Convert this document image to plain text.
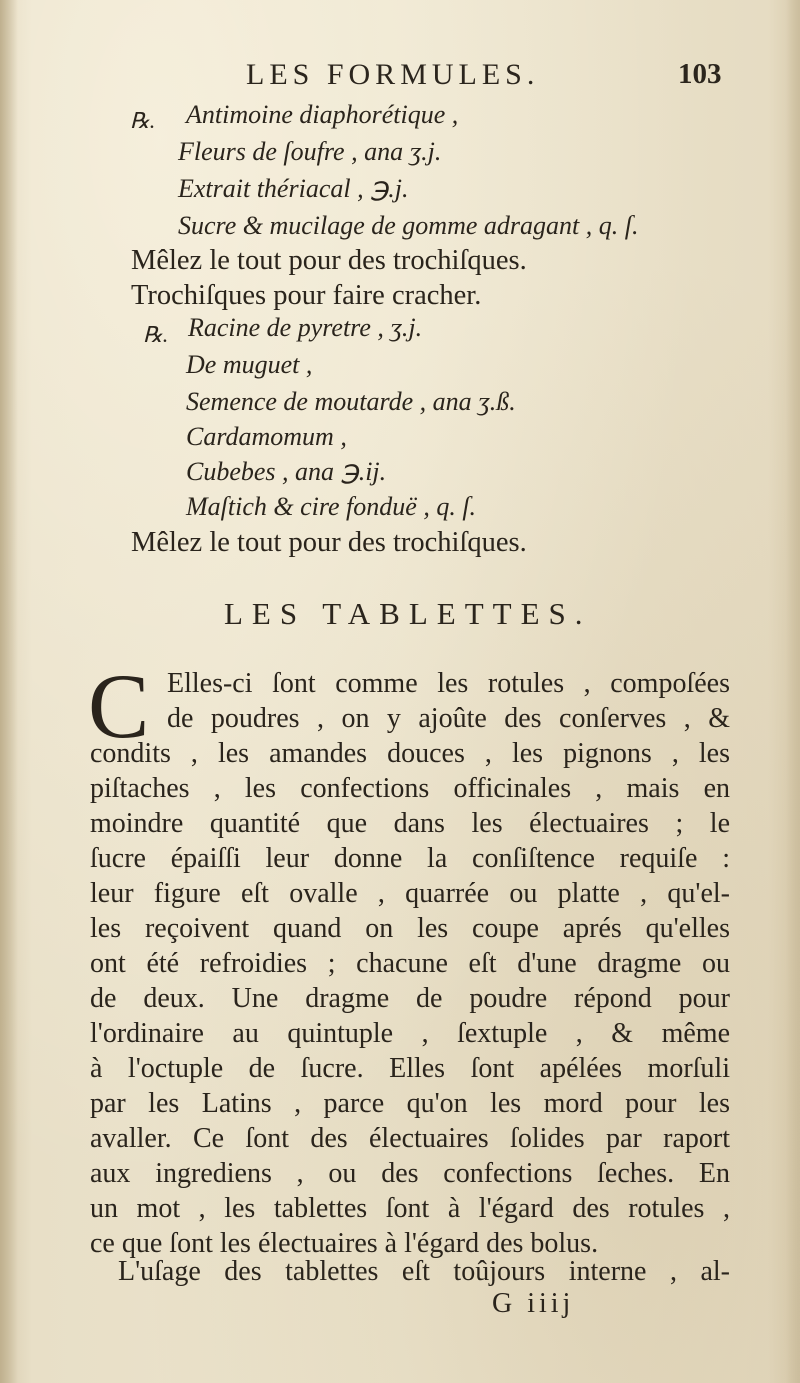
LES FORMULES.	103
℞. Antimoine diaphorétique ,
Fleurs de ſoufre , ana ʒ.j.
Extrait thériacal , ℈.j.
Sucre & mucilage de gomme adragant , q. ſ.
Mêlez le tout pour des trochiſques.
Trochiſques pour faire cracher.
℞. Racine de pyretre , ʒ.j.
De muguet ,
Semence de moutarde , ana ʒ.ß.
Cardamomum ,
Cubebes , ana ℈.ij.
Maſtich & cire fonduë , q. ſ.
Mêlez le tout pour des trochiſques.
LES TABLETTES.
C Elles-ci ſont comme les rotules , compoſées
de poudres , on y ajoûte des conſerves , &
condits , les amandes douces , les pignons , les
piſtaches , les confections officinales , mais en
moindre quantité que dans les électuaires ; le
ſucre épaiſſi leur donne la conſiſtence requiſe :
leur figure eſt ovalle , quarrée ou platte , qu'el-
les reçoivent quand on les coupe aprés qu'elles
ont été refroidies ; chacune eſt d'une dragme ou
de deux. Une dragme de poudre répond pour
l'ordinaire au quintuple , ſextuple , & même
à l'octuple de ſucre. Elles ſont apélées morſuli
par les Latins , parce qu'on les mord pour les
avaller. Ce ſont des électuaires ſolides par raport
aux ingrediens , ou des confections ſeches. En
un mot , les tablettes ſont à l'égard des rotules ,
ce que ſont les électuaires à l'égard des bolus.
L'uſage des tablettes eſt toûjours interne , al-
G iiij
